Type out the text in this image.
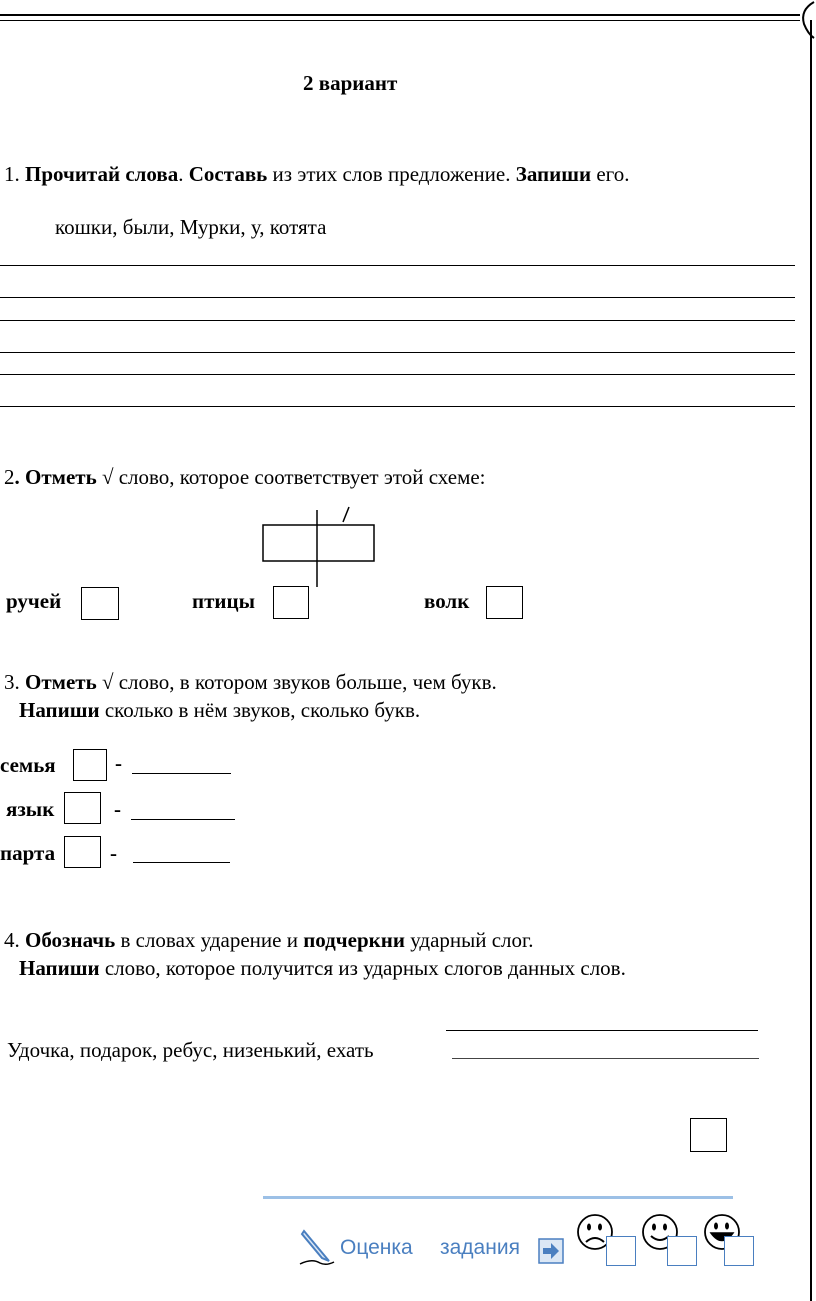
2 вариант
1. Прочитай слова. Составь из этих слов предложение. Запиши его.
кошки, были, Мурки, у, котята
2. Отметь √ слово, которое соответствует этой схеме:
ручей	птицы	волк
3. Отметь √ слово, в котором звуков больше, чем букв.
Напиши сколько в нём звуков, сколько букв.
семья	-
язык	-
парта	-
4. Обозначь в словах ударение и подчеркни ударный слог.
Напиши слово, которое получится из ударных слогов данных слов.
Удочка, подарок, ребус, низенький, ехать
Оценка задания
